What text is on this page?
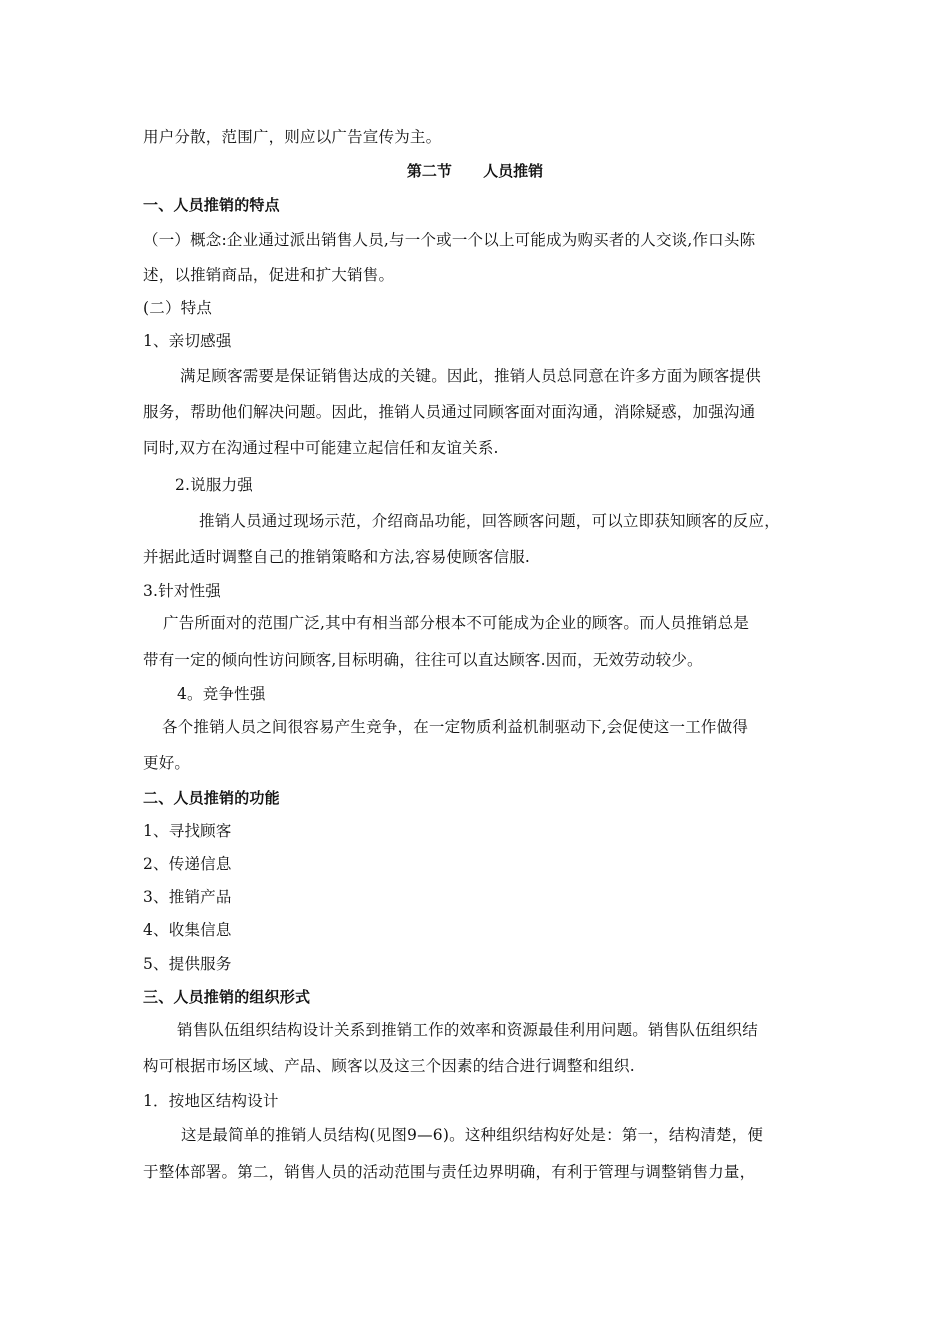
用户分散，范围广，则应以广告宣传为主。
第二节      人员推销
一、人员推销的特点
（一）概念:企业通过派出销售人员,与一个或一个以上可能成为购买者的人交谈,作口头陈
述，以推销商品，促进和扩大销售。
(二）特点
1、亲切感强
满足顾客需要是保证销售达成的关键。因此，推销人员总同意在许多方面为顾客提供
服务，帮助他们解决问题。因此，推销人员通过同顾客面对面沟通，消除疑惑，加强沟通
同时,双方在沟通过程中可能建立起信任和友谊关系.
2.说服力强
推销人员通过现场示范，介绍商品功能，回答顾客问题，可以立即获知顾客的反应，
并据此适时调整自己的推销策略和方法,容易使顾客信服.
3.针对性强
广告所面对的范围广泛,其中有相当部分根本不可能成为企业的顾客。而人员推销总是
带有一定的倾向性访问顾客,目标明确，往往可以直达顾客.因而，无效劳动较少。
4。竞争性强
各个推销人员之间很容易产生竞争，在一定物质利益机制驱动下,会促使这一工作做得
更好。
二、人员推销的功能
1、寻找顾客
2、传递信息
3、推销产品
4、收集信息
5、提供服务
三、人员推销的组织形式
销售队伍组织结构设计关系到推销工作的效率和资源最佳利用问题。销售队伍组织结
构可根据市场区域、产品、顾客以及这三个因素的结合进行调整和组织.
1．按地区结构设计
这是最简单的推销人员结构(见图9—6)。这种组织结构好处是：第一，结构清楚，便
于整体部署。第二，销售人员的活动范围与责任边界明确，有利于管理与调整销售力量，
